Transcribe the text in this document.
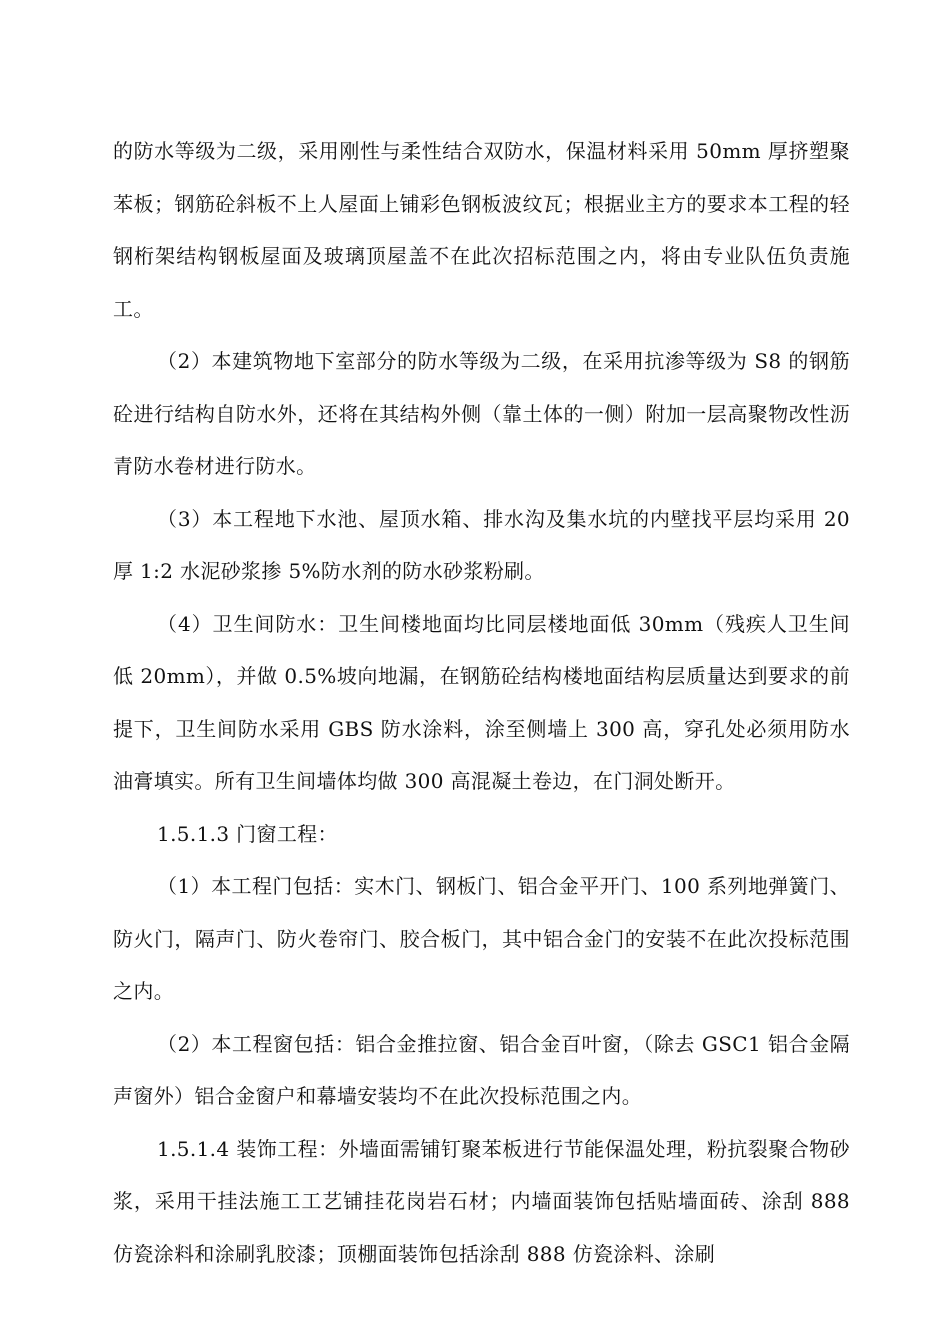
的防水等级为二级，采用刚性与柔性结合双防水，保温材料采用 50mm 厚挤塑聚苯板；钢筋砼斜板不上人屋面上铺彩色钢板波纹瓦；根据业主方的要求本工程的轻钢桁架结构钢板屋面及玻璃顶屋盖不在此次招标范围之内，将由专业队伍负责施工。

（2）本建筑物地下室部分的防水等级为二级，在采用抗渗等级为 S8 的钢筋砼进行结构自防水外，还将在其结构外侧（靠土体的一侧）附加一层高聚物改性沥青防水卷材进行防水。

（3）本工程地下水池、屋顶水箱、排水沟及集水坑的内壁找平层均采用 20 厚 1:2 水泥砂浆掺 5%防水剂的防水砂浆粉刷。

（4）卫生间防水：卫生间楼地面均比同层楼地面低 30mm（残疾人卫生间低 20mm），并做 0.5%坡向地漏，在钢筋砼结构楼地面结构层质量达到要求的前提下，卫生间防水采用 GBS 防水涂料，涂至侧墙上 300 高，穿孔处必须用防水油膏填实。所有卫生间墙体均做 300 高混凝土卷边，在门洞处断开。

1.5.1.3 门窗工程：

（1）本工程门包括：实木门、钢板门、铝合金平开门、100 系列地弹簧门、防火门，隔声门、防火卷帘门、胶合板门，其中铝合金门的安装不在此次投标范围之内。

（2）本工程窗包括：铝合金推拉窗、铝合金百叶窗，（除去 GSC1 铝合金隔声窗外）铝合金窗户和幕墙安装均不在此次投标范围之内。

1.5.1.4 装饰工程：外墙面需铺钉聚苯板进行节能保温处理，粉抗裂聚合物砂浆，采用干挂法施工工艺铺挂花岗岩石材；内墙面装饰包括贴墙面砖、涂刮 888 仿瓷涂料和涂刷乳胶漆；顶棚面装饰包括涂刮 888 仿瓷涂料、涂刷
